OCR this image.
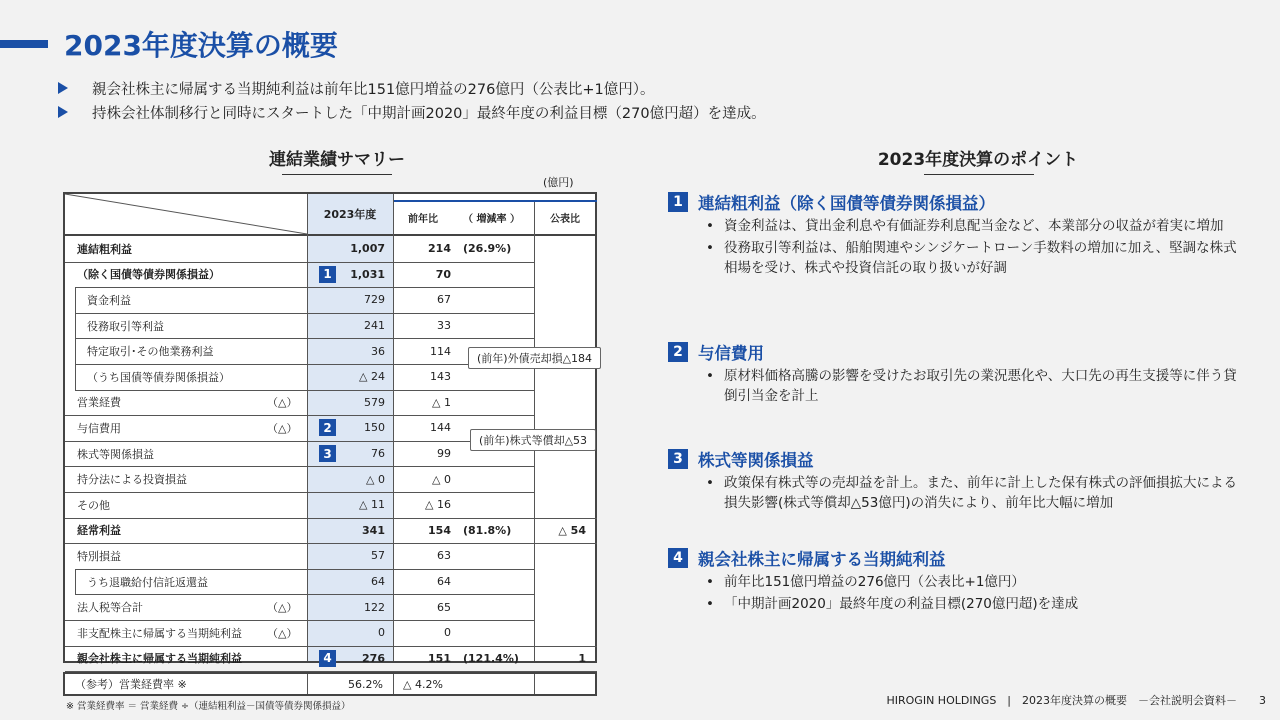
2023年度決算の概要
親会社株主に帰属する当期純利益は前年比151億円増益の276億円（公表比+1億円）。
持株会社体制移行と同時にスタートした「中期計画2020」最終年度の利益目標（270億円超）を達成。
連結業績サマリー	2023年度決算のポイント
(億円)
2023年度	前年比	（ 増減率 ）	公表比
連結粗利益	1,007	214 (26.9%)
（除く国債等債券関係損益）	1	1,031	70
資金利益	729	67
役務取引等利益	241	33
特定取引･その他業務利益	36	114
（うち国債等債券関係損益）	△ 24	143
営業経費	（△）	579	△ 1
与信費用	（△）	2	150	144
株式等関係損益	3	76	99
持分法による投資損益	△ 0	△ 0
その他	△ 11	△ 16
経常利益	341	154 (81.8%)	△ 54
特別損益	57	63
うち退職給付信託返還益	64	64
法人税等合計	（△）	122	65
非支配株主に帰属する当期純利益	（△）	0	0
親会社株主に帰属する当期純利益	4	276	151 (121.4%)	1
(前年)外債売却損△184
(前年)株式等償却△53
（参考）営業経費率 ※	56.2% △ 4.2%
※ 営業経費率 ＝ 営業経費 ÷（連結粗利益－国債等債券関係損益）
1 連結粗利益（除く国債等債券関係損益）
• 資金利益は、貸出金利息や有価証券利息配当金など、本業部分の収益が着実に増加
• 役務取引等利益は、船舶関連やシンジケートローン手数料の増加に加え、堅調な株式相場を受け、株式や投資信託の取り扱いが好調
2 与信費用
• 原材料価格高騰の影響を受けたお取引先の業況悪化や、大口先の再生支援等に伴う貸倒引当金を計上
3 株式等関係損益
• 政策保有株式等の売却益を計上。また、前年に計上した保有株式の評価損拡大による損失影響(株式等償却△53億円)の消失により、前年比大幅に増加
4 親会社株主に帰属する当期純利益
• 前年比151億円増益の276億円（公表比+1億円）
• 「中期計画2020」最終年度の利益目標(270億円超)を達成
HIROGIN HOLDINGS　|　2023年度決算の概要　－会社説明会資料－　　3
